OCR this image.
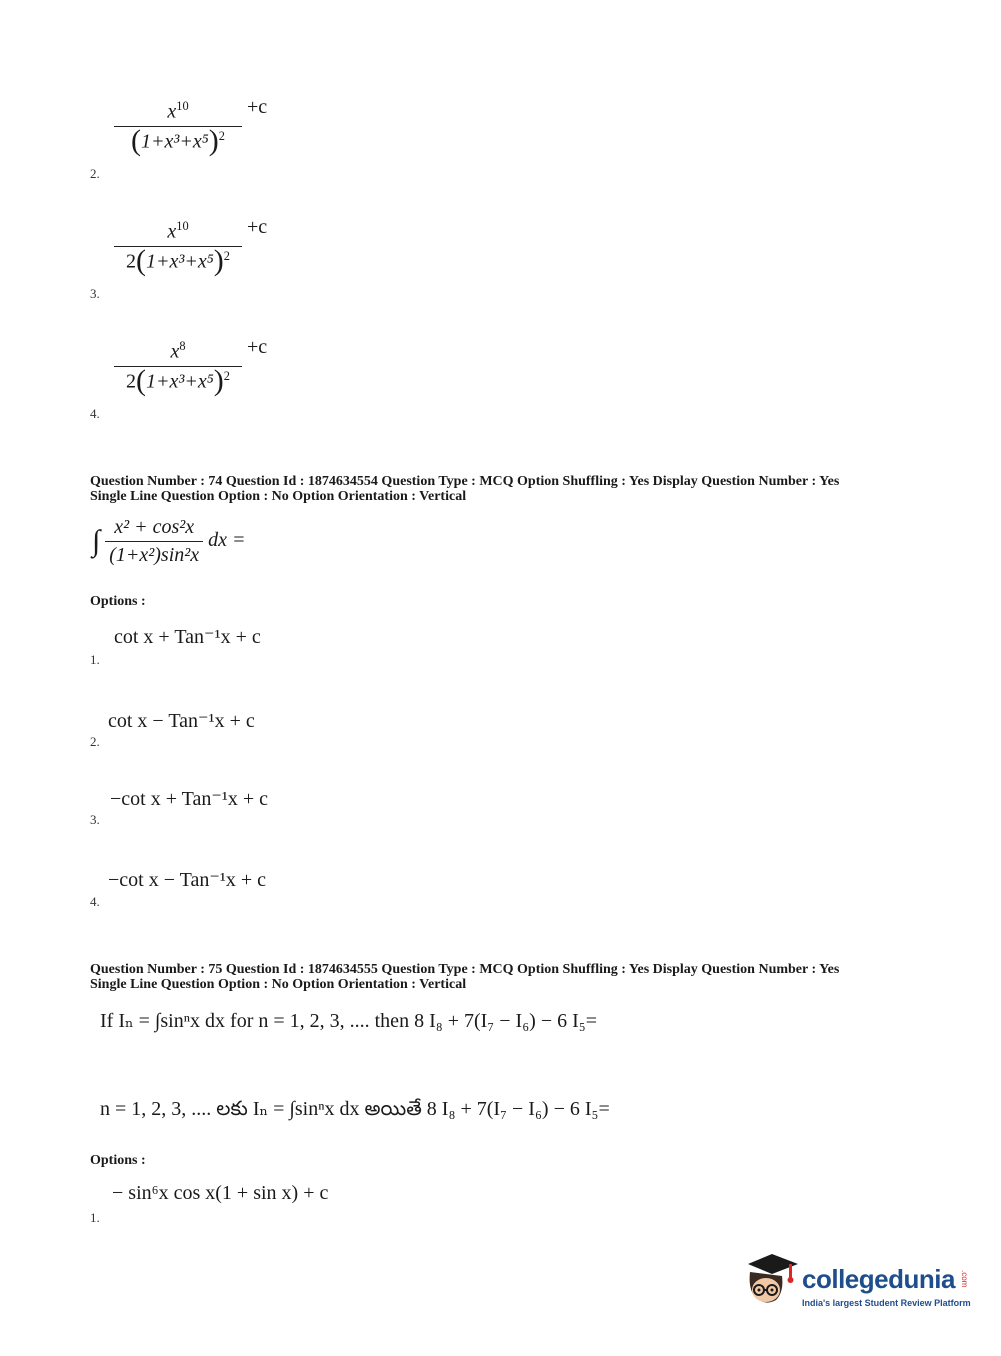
$\frac{x^{10}}{(1+x^3+x^5)^2} +c$
2.
$\frac{x^{10}}{2(1+x^3+x^5)^2} +c$
3.
$\frac{x^8}{2(1+x^3+x^5)^2} +c$
4.
Question Number : 74 Question Id : 1874634554 Question Type : MCQ Option Shuffling : Yes Display Question Number : Yes
Single Line Question Option : No Option Orientation : Vertical
∫ $\frac{\text{x² + cos²x}}{\text{(1+x²)sin²x}}$ dx =
Options :
cot x + Tan⁻¹x + c
1.
cot x − Tan⁻¹x + c
2.
−cot x + Tan⁻¹x + c
3.
−cot x − Tan⁻¹x + c
4.
Question Number : 75 Question Id : 1874634555 Question Type : MCQ Option Shuffling : Yes Display Question Number : Yes
Single Line Question Option : No Option Orientation : Vertical
If Iₙ = ∫sinⁿx dx for n = 1, 2, 3, .... then 8 I₈ + 7(I₇ − I₆) − 6 I₅=
n = 1, 2, 3, .... లకు Iₙ = ∫sinⁿx dx అయితే 8 I₈ + 7(I₇ − I₆) − 6 I₅=
Options :
− sin⁶x cos x(1 + sin x) + c
1.
collegedunia .com
India's largest Student Review Platform
